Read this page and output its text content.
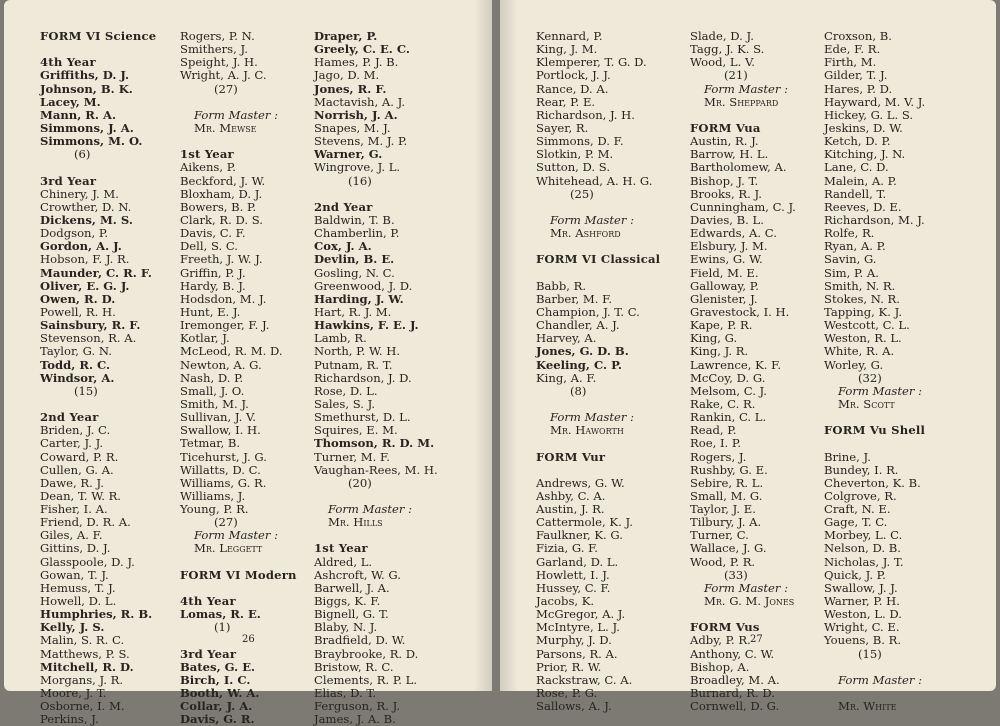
FORM VI Science
4th Year
Griffiths, D. J.
Johnson, B. K.
Lacey, M.
Mann, R. A.
Simmons, J. A.
Simmons, M. O.
(6)
3rd Year
Chinery, J. M.
Crowther, D. N.
Dickens, M. S.
Dodgson, P.
Gordon, A. J.
Hobson, F. J. R.
Maunder, C. R. F.
Oliver, E. G. J.
Owen, R. D.
Powell, R. H.
Sainsbury, R. F.
Stevenson, R. A.
Taylor, G. N.
Todd, R. C.
Windsor, A.
(15)
2nd Year
Briden, J. C.
Carter, J. J.
Coward, P. R.
Cullen, G. A.
Dawe, R. J.
Dean, T. W. R.
Fisher, I. A.
Friend, D. R. A.
Giles, A. F.
Gittins, D. J.
Glasspoole, D. J.
Gowan, T. J.
Hemuss, T. J.
Howell, D. L.
Humphries, R. B.
Kelly, J. S.
Malin, S. R. C.
Matthews, P. S.
Mitchell, R. D.
Morgans, J. R.
Moore, J. T.
Osborne, I. M.
Perkins, J.
Rogers, P. N.
Smithers, J.
Speight, J. H.
Wright, A. J. C.
(27)
Form Master :
Mr. Mewse
1st Year
Aikens, P.
Beckford, J. W.
Bloxham, D. J.
Bowers, B. P.
Clark, R. D. S.
Davis, C. F.
Dell, S. C.
Freeth, J. W. J.
Griffin, P. J.
Hardy, B. J.
Hodsdon, M. J.
Hunt, E. J.
Iremonger, F. J.
Kotlar, J.
McLeod, R. M. D.
Newton, A. G.
Nash, D. P.
Small, J. O.
Smith, M. J.
Sullivan, J. V.
Swallow, I. H.
Tetmar, B.
Ticehurst, J. G.
Willatts, D. C.
Williams, G. R.
Williams, J.
Young, P. R.
(27)
Form Master :
Mr. Leggett
FORM VI Modern
4th Year
Lomas, R. E.
(1)
3rd Year
Bates, G. E.
Birch, I. C.
Booth, W. A.
Collar, J. A.
Davis, G. R.
Draper, P.
Greely, C. E. C.
Hames, P. J. B.
Jago, D. M.
Jones, R. F.
Mactavish, A. J.
Norrish, J. A.
Snapes, M. J.
Stevens, M. J. P.
Warner, G.
Wingrove, J. L.
(16)
2nd Year
Baldwin, T. B.
Chamberlin, P.
Cox, J. A.
Devlin, B. E.
Gosling, N. C.
Greenwood, J. D.
Harding, J. W.
Hart, R. J. M.
Hawkins, F. E. J.
Lamb, R.
North, P. W. H.
Putnam, R. T.
Richardson, J. D.
Rose, D. L.
Sales, S. J.
Smethurst, D. L.
Squires, E. M.
Thomson, R. D. M.
Turner, M. F.
Vaughan-Rees, M. H.
(20)
Form Master :
Mr. Hills
1st Year
Aldred, L.
Ashcroft, W. G.
Barwell, J. A.
Biggs, K. F.
Bignell, G. T.
Blaby, N. J.
Bradfield, D. W.
Braybrooke, R. D.
Bristow, R. C.
Clements, R. P. L.
Elias, D. T.
Ferguson, R. J.
James, J. A. B.
26
Kennard, P.
King, J. M.
Klemperer, T. G. D.
Portlock, J. J.
Rance, D. A.
Rear, P. E.
Richardson, J. H.
Sayer, R.
Simmons, D. F.
Slotkin, P. M.
Sutton, D. S.
Whitehead, A. H. G.
(25)
Form Master :
Mr. Ashford
FORM VI Classical
Babb, R.
Barber, M. F.
Champion, J. T. C.
Chandler, A. J.
Harvey, A.
Jones, G. D. B.
Keeling, C. P.
King, A. F.
(8)
Form Master :
Mr. Haworth
FORM Vur
Andrews, G. W.
Ashby, C. A.
Austin, J. R.
Cattermole, K. J.
Faulkner, K. G.
Fizia, G. F.
Garland, D. L.
Howlett, I. J.
Hussey, C. F.
Jacobs, K.
McGregor, A. J.
McIntyre, L. J.
Murphy, J. D.
Parsons, R. A.
Prior, R. W.
Rackstraw, C. A.
Rose, P. G.
Sallows, A. J.
Slade, D. J.
Tagg, J. K. S.
Wood, L. V.
(21)
Form Master :
Mr. Sheppard
FORM Vua
Austin, R. J.
Barrow, H. L.
Bartholomew, A.
Bishop, J. T.
Brooks, R. J.
Cunningham, C. J.
Davies, B. L.
Edwards, A. C.
Elsbury, J. M.
Ewins, G. W.
Field, M. E.
Galloway, P.
Glenister, J.
Gravestock, I. H.
Kape, P. R.
King, G.
King, J. R.
Lawrence, K. F.
McCoy, D. G.
Melsom, C. J.
Rake, C. R.
Rankin, C. L.
Read, P.
Roe, I. P.
Rogers, J.
Rushby, G. E.
Sebire, R. L.
Small, M. G.
Taylor, J. E.
Tilbury, J. A.
Turner, C.
Wallace, J. G.
Wood, P. R.
(33)
Form Master :
Mr. G. M. Jones
FORM Vus
Adby, P. R.
Anthony, C. W.
Bishop, A.
Broadley, M. A.
Burnard, R. D.
Cornwell, D. G.
Croxson, B.
Ede, F. R.
Firth, M.
Gilder, T. J.
Hares, P. D.
Hayward, M. V. J.
Hickey, G. L. S.
Jeskins, D. W.
Ketch, D. P.
Kitching, J. N.
Lane, C. D.
Malein, A. P.
Randell, T.
Reeves, D. E.
Richardson, M. J.
Rolfe, R.
Ryan, A. P.
Savin, G.
Sim, P. A.
Smith, N. R.
Stokes, N. R.
Tapping, K. J.
Westcott, C. L.
Weston, R. L.
White, R. A.
Worley, G.
(32)
Form Master :
Mr. Scott
FORM Vu Shell
Brine, J.
Bundey, I. R.
Cheverton, K. B.
Colgrove, R.
Craft, N. E.
Gage, T. C.
Morbey, L. C.
Nelson, D. B.
Nicholas, J. T.
Quick, J. P.
Swallow, J. J.
Warner, P. H.
Weston, L. D.
Wright, C. E.
Youens, B. R.
(15)
Form Master :
Mr. White
27
